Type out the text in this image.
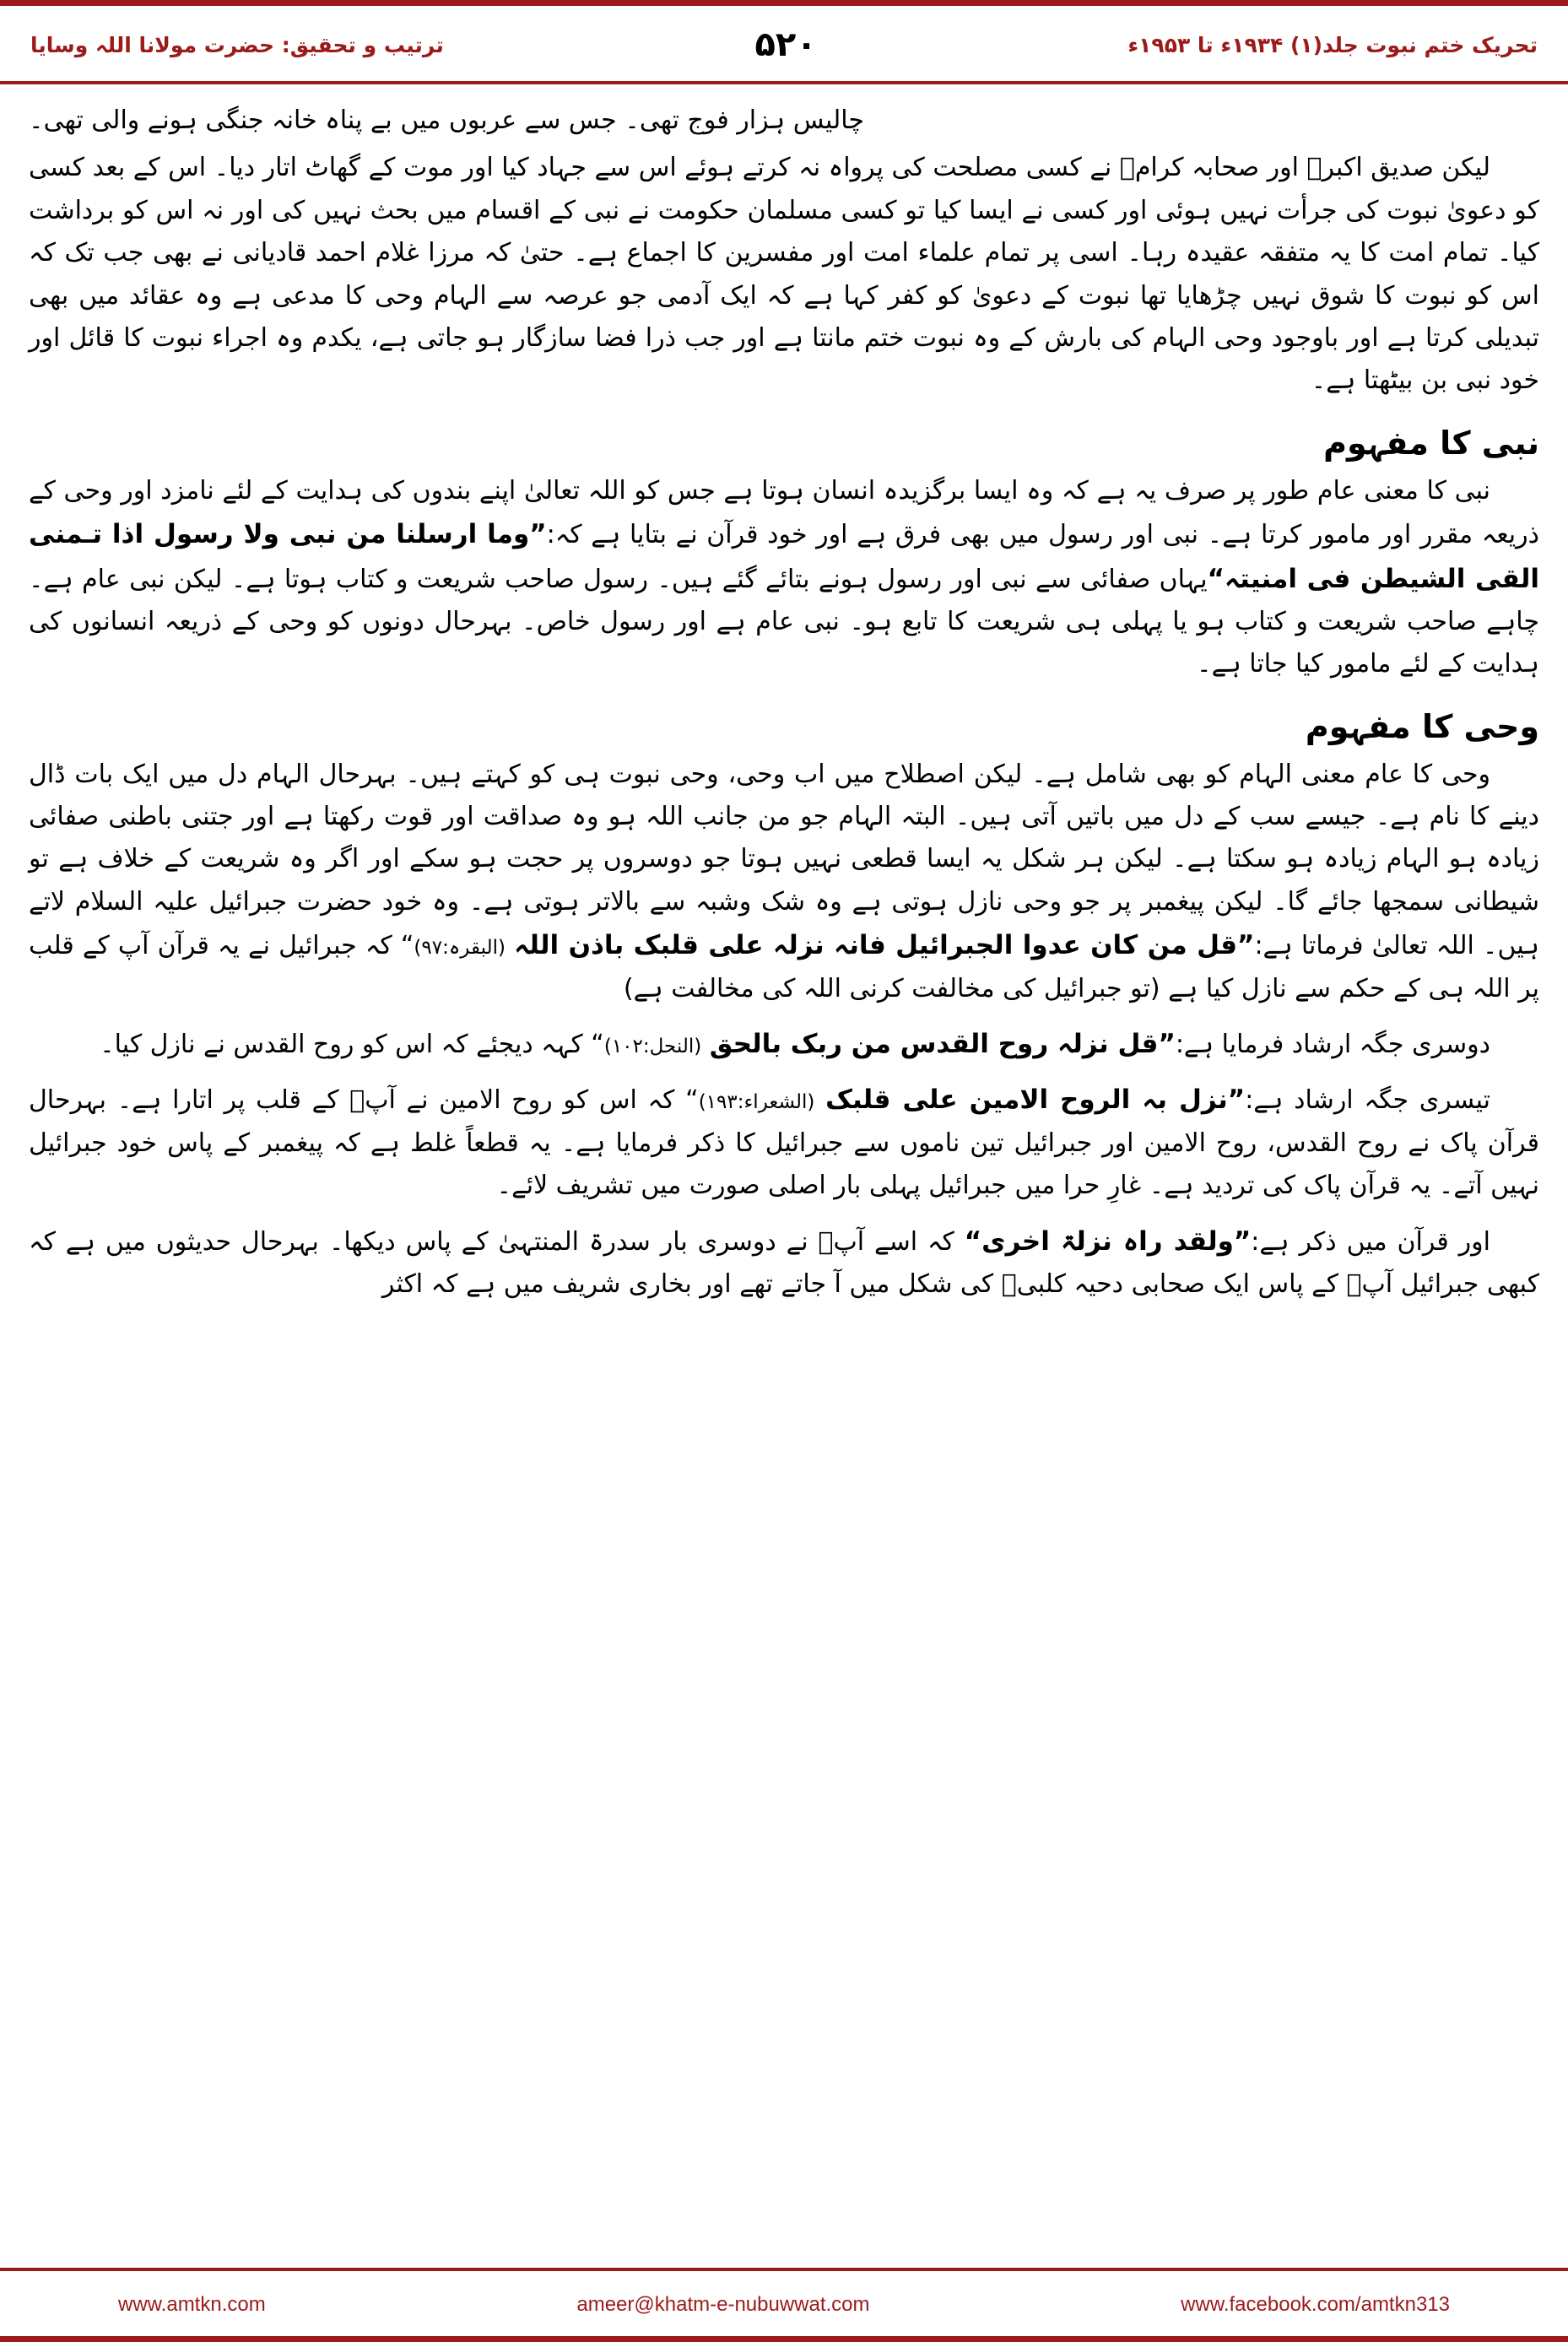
تحریک ختم نبوت جلد(۱) ۱۹۳۴ء تا ۱۹۵۳ء
۵۲۰
ترتیب و تحقیق: حضرت مولانا اللہ وسایا

چالیس ہزار فوج تھی۔ جس سے عربوں میں بے پناہ خانہ جنگی ہونے والی تھی۔

لیکن صدیق اکبرؓ اور صحابہ کرامؓ نے کسی مصلحت کی پرواہ نہ کرتے ہوئے اس سے جہاد کیا اور موت کے گھاٹ اتار دیا۔ اس کے بعد کسی کو دعویٰ نبوت کی جرأت نہیں ہوئی اور کسی نے ایسا کیا تو کسی مسلمان حکومت نے نبی کے اقسام میں بحث نہیں کی اور نہ اس کو برداشت کیا۔ تمام امت کا یہ متفقہ عقیدہ رہا۔ اسی پر تمام علماء امت اور مفسرین کا اجماع ہے۔ حتیٰ کہ مرزا غلام احمد قادیانی نے بھی جب تک کہ اس کو نبوت کا شوق نہیں چڑھایا تھا نبوت کے دعویٰ کو کفر کہا ہے کہ ایک آدمی جو عرصہ سے الہام وحی کا مدعی ہے وہ عقائد میں بھی تبدیلی کرتا ہے اور باوجود وحی الہام کی بارش کے وہ نبوت ختم مانتا ہے اور جب ذرا فضا سازگار ہو جاتی ہے، یکدم وہ اجراء نبوت کا قائل اور خود نبی بن بیٹھتا ہے۔

نبی کا مفہوم

نبی کا معنی عام طور پر صرف یہ ہے کہ وہ ایسا برگزیدہ انسان ہوتا ہے جس کو اللہ تعالیٰ اپنے بندوں کی ہدایت کے لئے نامزد اور وحی کے ذریعہ مقرر اور مامور کرتا ہے۔ نبی اور رسول میں بھی فرق ہے اور خود قرآن نے بتایا ہے کہ:”وما ارسلنا من نبی ولا رسول اذا تـمنی القی الشیطن فی امنیتہ“یہاں صفائی سے نبی اور رسول ہونے بتائے گئے ہیں۔ رسول صاحب شریعت و کتاب ہوتا ہے۔ لیکن نبی عام ہے۔ چاہے صاحب شریعت و کتاب ہو یا پہلی ہی شریعت کا تابع ہو۔ نبی عام ہے اور رسول خاص۔ بہرحال دونوں کو وحی کے ذریعہ انسانوں کی ہدایت کے لئے مامور کیا جاتا ہے۔

وحی کا مفہوم

وحی کا عام معنی الہام کو بھی شامل ہے۔ لیکن اصطلاح میں اب وحی، وحی نبوت ہی کو کہتے ہیں۔ بہرحال الہام دل میں ایک بات ڈال دینے کا نام ہے۔ جیسے سب کے دل میں باتیں آتی ہیں۔ البتہ الہام جو من جانب اللہ ہو وہ صداقت اور قوت رکھتا ہے اور جتنی باطنی صفائی زیادہ ہو الہام زیادہ ہو سکتا ہے۔ لیکن ہر شکل یہ ایسا قطعی نہیں ہوتا جو دوسروں پر حجت ہو سکے اور اگر وہ شریعت کے خلاف ہے تو شیطانی سمجھا جائے گا۔ لیکن پیغمبر پر جو وحی نازل ہوتی ہے وہ شک وشبہ سے بالاتر ہوتی ہے۔ وہ خود حضرت جبرائیل علیہ السلام لاتے ہیں۔ اللہ تعالیٰ فرماتا ہے:”قل من کان عدوا الجبرائیل فانہ نزلہ علی قلبک باذن اللہ (البقرہ:۹۷)“ کہ جبرائیل نے یہ قرآن آپ کے قلب پر اللہ ہی کے حکم سے نازل کیا ہے (تو جبرائیل کی مخالفت کرنی اللہ کی مخالفت ہے)

دوسری جگہ ارشاد فرمایا ہے:”قل نزلہ روح القدس من ربک بالحق (النحل:۱۰۲)“ کہہ دیجئے کہ اس کو روح القدس نے نازل کیا۔

تیسری جگہ ارشاد ہے:”نزل بہ الروح الامین علی قلبک (الشعراء:۱۹۳)“ کہ اس کو روح الامین نے آپؐ کے قلب پر اتارا ہے۔ بہرحال قرآن پاک نے روح القدس، روح الامین اور جبرائیل تین ناموں سے جبرائیل کا ذکر فرمایا ہے۔ یہ قطعاً غلط ہے کہ پیغمبر کے پاس خود جبرائیل نہیں آتے۔ یہ قرآن پاک کی تردید ہے۔ غارِ حرا میں جبرائیل پہلی بار اصلی صورت میں تشریف لائے۔

اور قرآن میں ذکر ہے:”ولقد راہ نزلۃ اخری“ کہ اسے آپؐ نے دوسری بار سدرۃ المنتہیٰ کے پاس دیکھا۔ بہرحال حدیثوں میں ہے کہ کبھی جبرائیل آپؐ کے پاس ایک صحابی دحیہ کلبیؓ کی شکل میں آ جاتے تھے اور بخاری شریف میں ہے کہ اکثر

www.amtkn.com	ameer@khatm-e-nubuwwat.com	www.facebook.com/amtkn313
